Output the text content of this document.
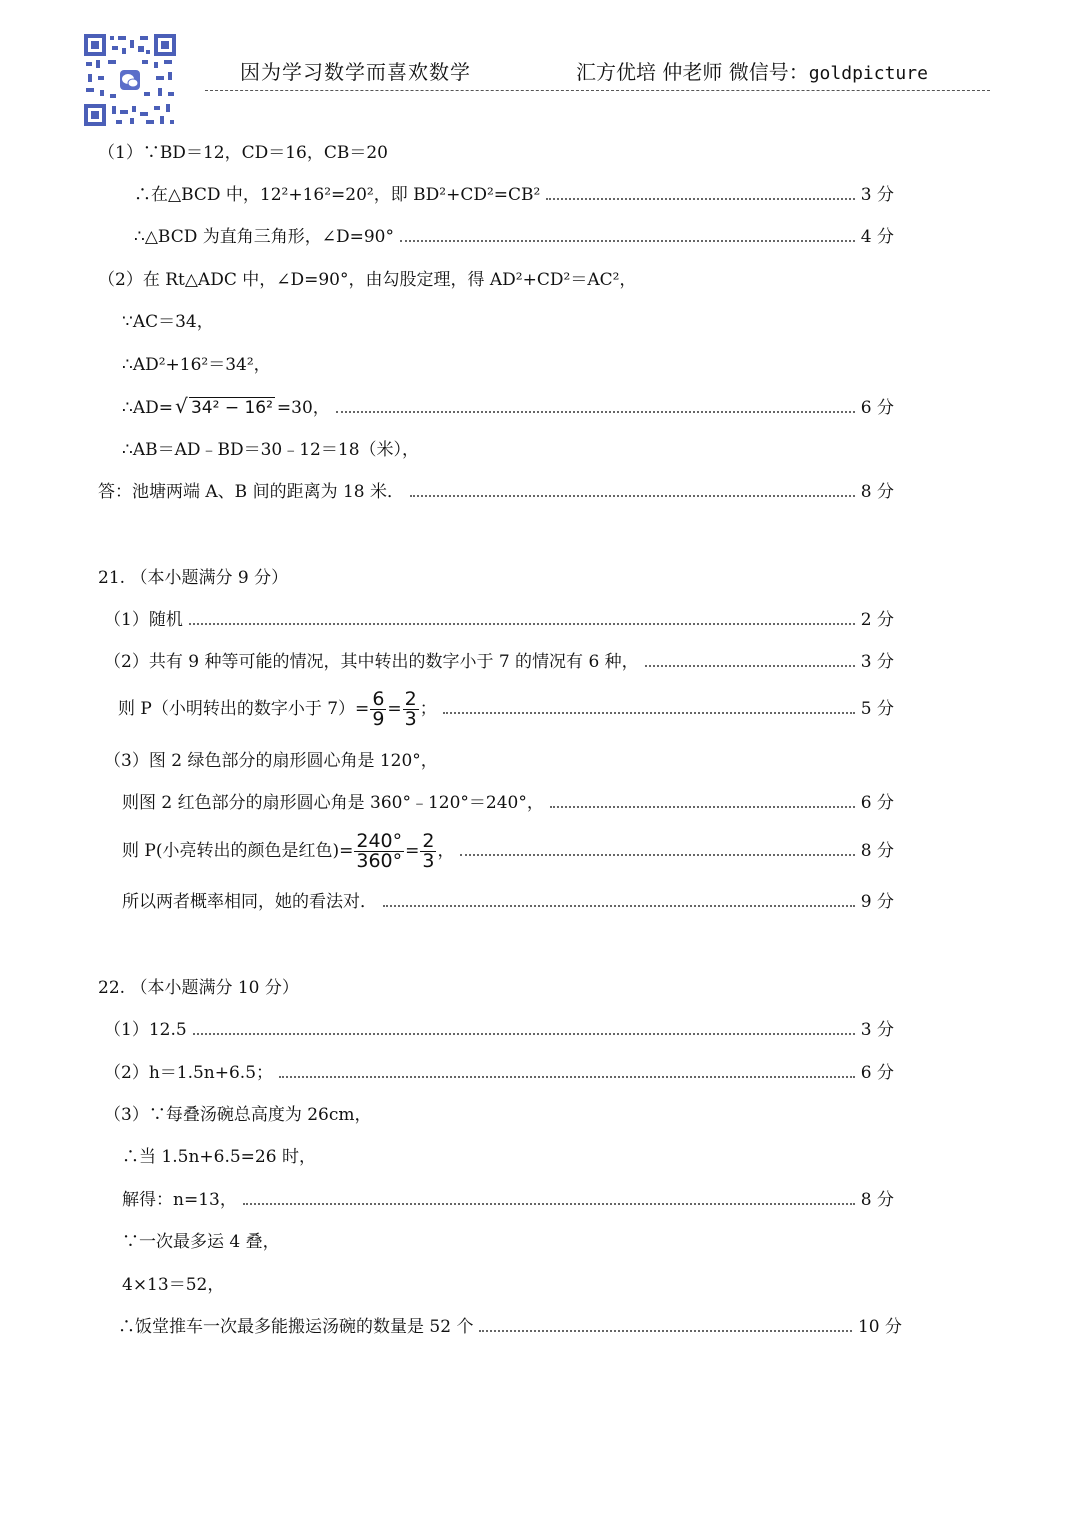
因为学习数学而喜欢数学	汇方优培 仲老师 微信号：goldpicture
（1）∵BD＝12，CD＝16，CB＝20
∴在△BCD 中，12²+16²=20²，即 BD²+CD²=CB²	3 分
∴△BCD 为直角三角形，∠D=90°	4 分
（2）在 Rt△ADC 中，∠D=90°，由勾股定理，得 AD²+CD²＝AC²，
∵AC＝34，
∴AD²+16²＝34²，
∴AD= √ 34² − 16² =30，	6 分
∴AB＝AD﹣BD＝30﹣12＝18（米），
答：池塘两端 A、B 间的距离为 18 米．	8 分
21. （本小题满分 9 分）
（1）随机	2 分
（2）共有 9 种等可能的情况，其中转出的数字小于 7 的情况有 6 种，	3 分
则 P（小明转出的数字小于 $7)= \frac{6}{9} = \frac{2}{3}$ ；	5 分
（3）图 2 绿色部分的扇形圆心角是 120°，
则图 2 红色部分的扇形圆心角是 360°﹣120°＝240°，	6 分
则 P(小亮转出的颜色是红色)= $\frac{240^\circ}{360^\circ} = \frac{2}{3}$ ，	8 分
所以两者概率相同，她的看法对．	9 分
22. （本小题满分 10 分）
（1）12.5	3 分
（2）h＝1.5n+6.5；	6 分
（3）∵每叠汤碗总高度为 26cm，
∴当 1.5n+6.5=26 时，
解得：n=13，	8 分
∵一次最多运 4 叠，
4×13＝52，
∴饭堂推车一次最多能搬运汤碗的数量是 52 个	10 分
